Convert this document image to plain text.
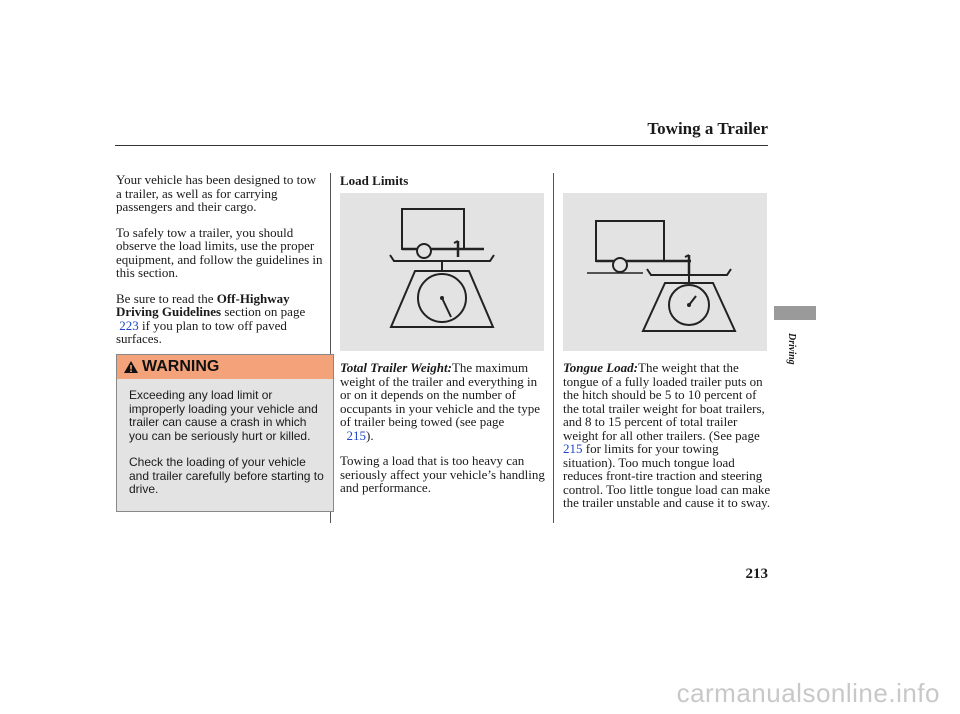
Towing a Trailer

Your vehicle has been designed to tow a trailer, as well as for carrying passengers and their cargo.

To safely tow a trailer, you should observe the load limits, use the proper equipment, and follow the guidelines in this section.

Be sure to read the Off-Highway Driving Guidelines section on page
223 if you plan to tow off paved surfaces.

WARNING

Exceeding any load limit or improperly loading your vehicle and trailer can cause a crash in which you can be seriously hurt or killed.

Check the loading of your vehicle and trailer carefully before starting to drive.

Load Limits

Total Trailer Weight:The maximum weight of the trailer and everything in or on it depends on the number of occupants in your vehicle and the type of trailer being towed (see page
215).

Towing a load that is too heavy can seriously affect your vehicle’s handling and performance.

Tongue Load:The weight that the tongue of a fully loaded trailer puts on the hitch should be 5 to 10 percent of the total trailer weight for boat trailers, and 8 to 15 percent of total trailer weight for all other trailers. (See page 215 for limits for your towing situation). Too much tongue load reduces front-tire traction and steering control. Too little tongue load can make the trailer unstable and cause it to sway.

Driving
213
carmanualsonline.info
